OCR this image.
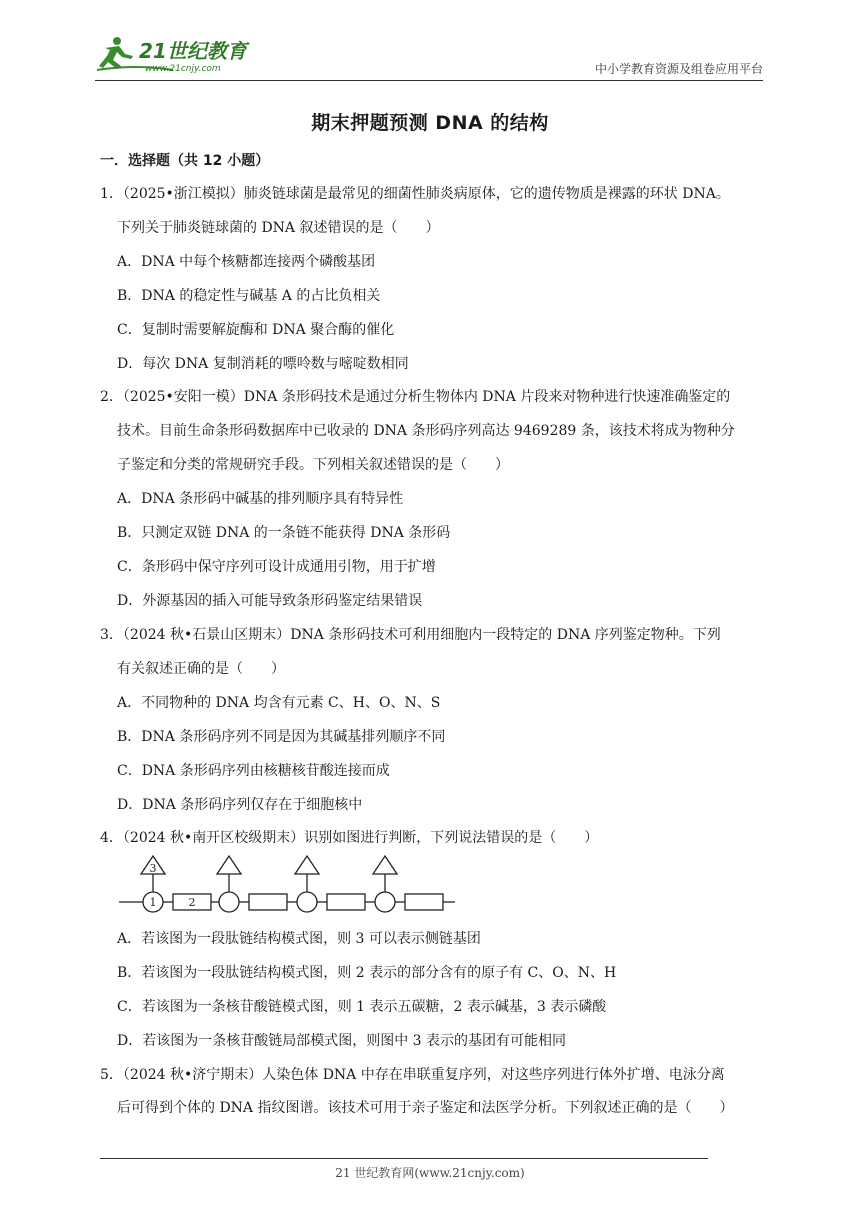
21世纪教育
www.21cnjy.com	中小学教育资源及组卷应用平台
期末押题预测 DNA 的结构
一．选择题（共 12 小题）
1．（2025•浙江模拟）肺炎链球菌是最常见的细菌性肺炎病原体，它的遗传物质是裸露的环状 DNA。
下列关于肺炎链球菌的 DNA 叙述错误的是（　　）
A．DNA 中每个核糖都连接两个磷酸基团
B．DNA 的稳定性与碱基 A 的占比负相关
C．复制时需要解旋酶和 DNA 聚合酶的催化
D．每次 DNA 复制消耗的嘌呤数与嘧啶数相同
2．（2025•安阳一模）DNA 条形码技术是通过分析生物体内 DNA 片段来对物种进行快速准确鉴定的
技术。目前生命条形码数据库中已收录的 DNA 条形码序列高达 9469289 条，该技术将成为物种分
子鉴定和分类的常规研究手段。下列相关叙述错误的是（　　）
A．DNA 条形码中碱基的排列顺序具有特异性
B．只测定双链 DNA 的一条链不能获得 DNA 条形码
C．条形码中保守序列可设计成通用引物，用于扩增
D．外源基因的插入可能导致条形码鉴定结果错误
3．（2024 秋•石景山区期末）DNA 条形码技术可利用细胞内一段特定的 DNA 序列鉴定物种。下列
有关叙述正确的是（　　）
A．不同物种的 DNA 均含有元素 C、H、O、N、S
B．DNA 条形码序列不同是因为其碱基排列顺序不同
C．DNA 条形码序列由核糖核苷酸连接而成
D．DNA 条形码序列仅存在于细胞核中
4．（2024 秋•南开区校级期末）识别如图进行判断，下列说法错误的是（　　）
3
1	2
A．若该图为一段肽链结构模式图，则 3 可以表示侧链基团
B．若该图为一段肽链结构模式图，则 2 表示的部分含有的原子有 C、O、N、H
C．若该图为一条核苷酸链模式图，则 1 表示五碳糖，2 表示碱基，3 表示磷酸
D．若该图为一条核苷酸链局部模式图，则图中 3 表示的基团有可能相同
5．（2024 秋•济宁期末）人染色体 DNA 中存在串联重复序列，对这些序列进行体外扩增、电泳分离
后可得到个体的 DNA 指纹图谱。该技术可用于亲子鉴定和法医学分析。下列叙述正确的是（　　）
21 世纪教育网(www.21cnjy.com)
